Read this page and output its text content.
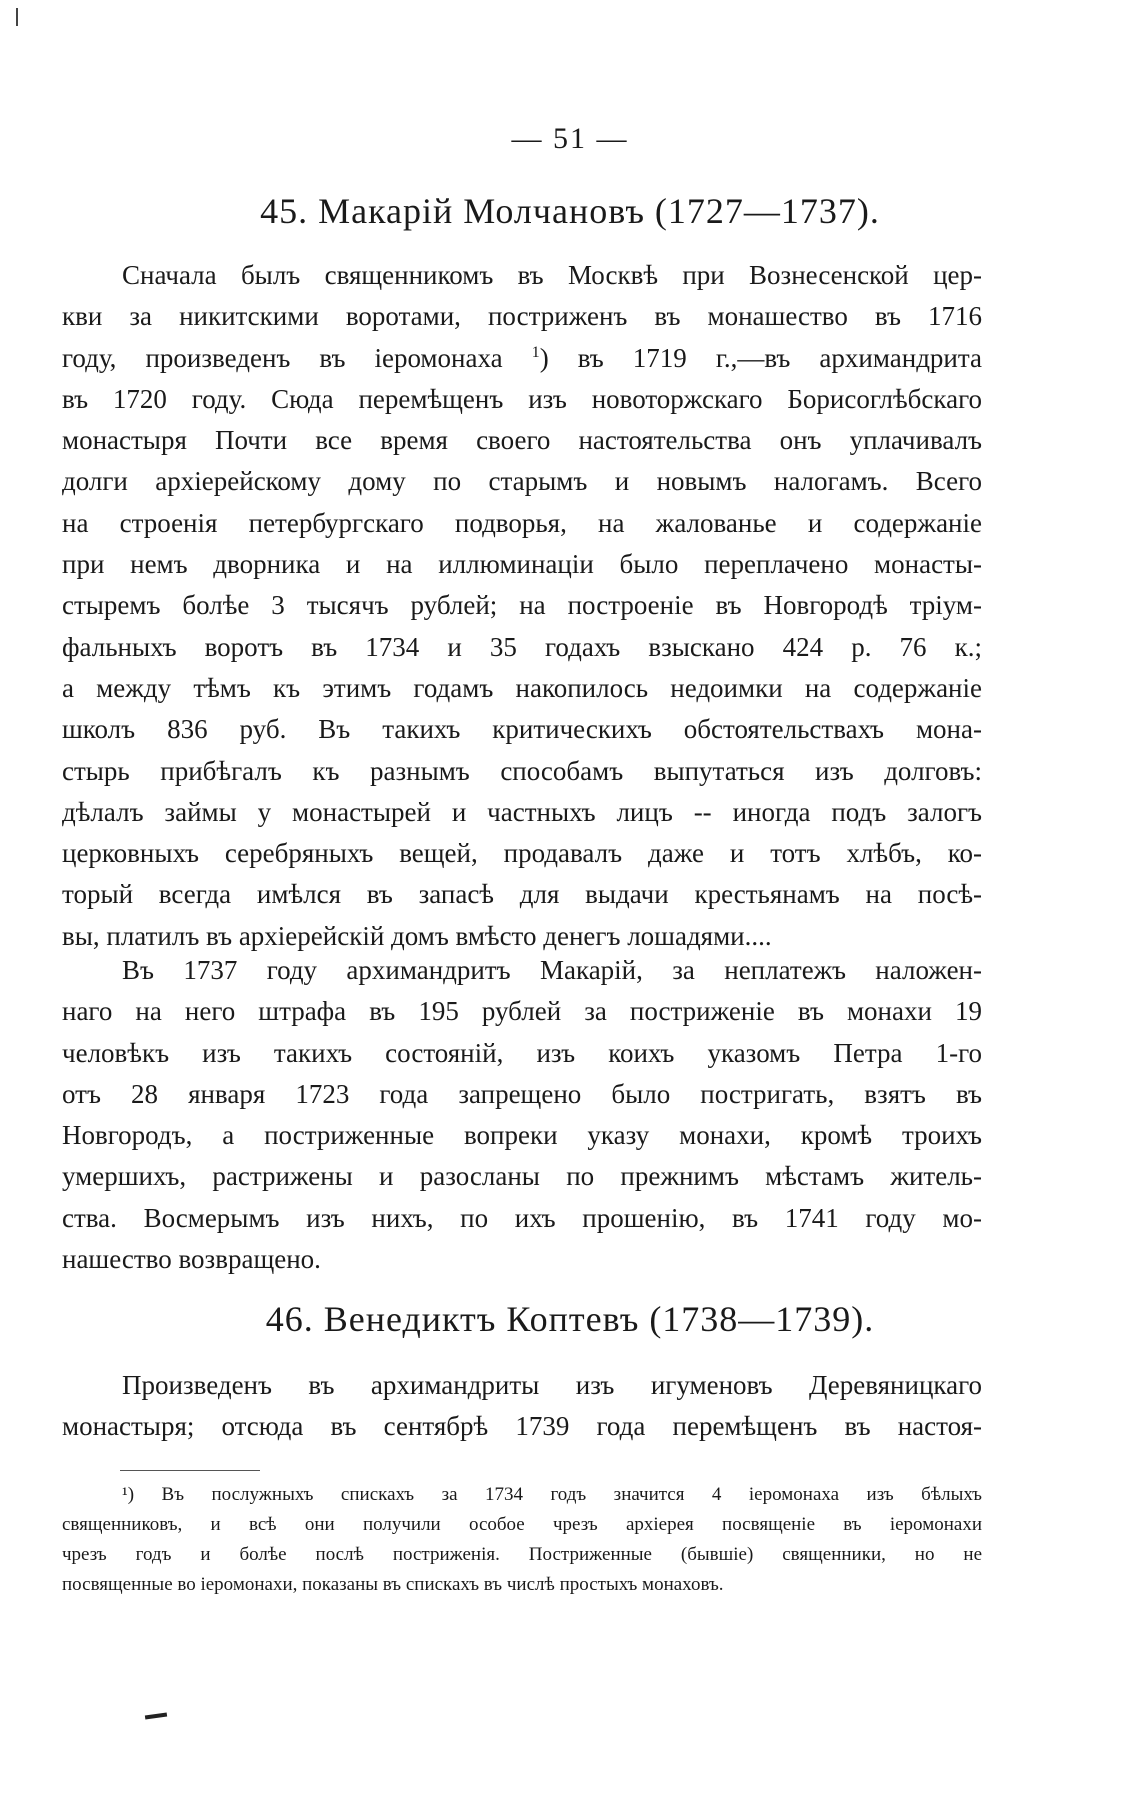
— 51 —
45. Макарій Молчановъ (1727—1737).
Сначала былъ священникомъ въ Москвѣ при Вознесенской цер-
кви за никитскими воротами, постриженъ въ монашество въ 1716
году, произведенъ въ іеромонаха $^1$) въ 1719 г.,—въ архимандрита
въ 1720 году. Сюда перемѣщенъ изъ новоторжскаго Борисоглѣбскаго
монастыря Почти все время своего настоятельства онъ уплачивалъ
долги архіерейскому дому по старымъ и новымъ налогамъ. Всего
на строенія петербургскаго подворья, на жалованье и содержаніе
при немъ дворника и на иллюминаціи было переплачено монасты-
стыремъ болѣе 3 тысячъ рублей; на построеніе въ Новгородѣ тріум-
фальныхъ воротъ въ 1734 и 35 годахъ взыскано 424 р. 76 к.;
а между тѣмъ къ этимъ годамъ накопилось недоимки на содержаніе
школъ 836 руб. Въ такихъ критическихъ обстоятельствахъ мона-
стырь прибѣгалъ къ разнымъ способамъ выпутаться изъ долговъ:
дѣлалъ займы у монастырей и частныхъ лицъ -- иногда подъ залогъ
церковныхъ серебряныхъ вещей, продавалъ даже и тотъ хлѣбъ, ко-
торый всегда имѣлся въ запасѣ для выдачи крестьянамъ на посѣ-
вы, платилъ въ архіерейскій домъ вмѣсто денегъ лошадями....
Въ 1737 году архимандритъ Макарій, за неплатежъ наложен-
наго на него штрафа въ 195 рублей за постриженіе въ монахи 19
человѣкъ изъ такихъ состояній, изъ коихъ указомъ Петра 1-го
отъ 28 января 1723 года запрещено было постригать, взятъ въ
Новгородъ, а постриженные вопреки указу монахи, кромѣ троихъ
умершихъ, растрижены и разосланы по прежнимъ мѣстамъ житель-
ства. Восмерымъ изъ нихъ, по ихъ прошенію, въ 1741 году мо-
нашество возвращено.
46. Венедиктъ Коптевъ (1738—1739).
Произведенъ въ архимандриты изъ игуменовъ Деревяницкаго
монастыря; отсюда въ сентябрѣ 1739 года перемѣщенъ въ настоя-
¹) Въ послужныхъ спискахъ за 1734 годъ значится 4 іеромонаха изъ бѣлыхъ
священниковъ, и всѣ они получили особое чрезъ архіерея посвященіе въ іеромонахи
чрезъ годъ и болѣе послѣ постриженія. Постриженные (бывшіе) священники, но не
посвященные во іеромонахи, показаны въ спискахъ въ числѣ простыхъ монаховъ.
